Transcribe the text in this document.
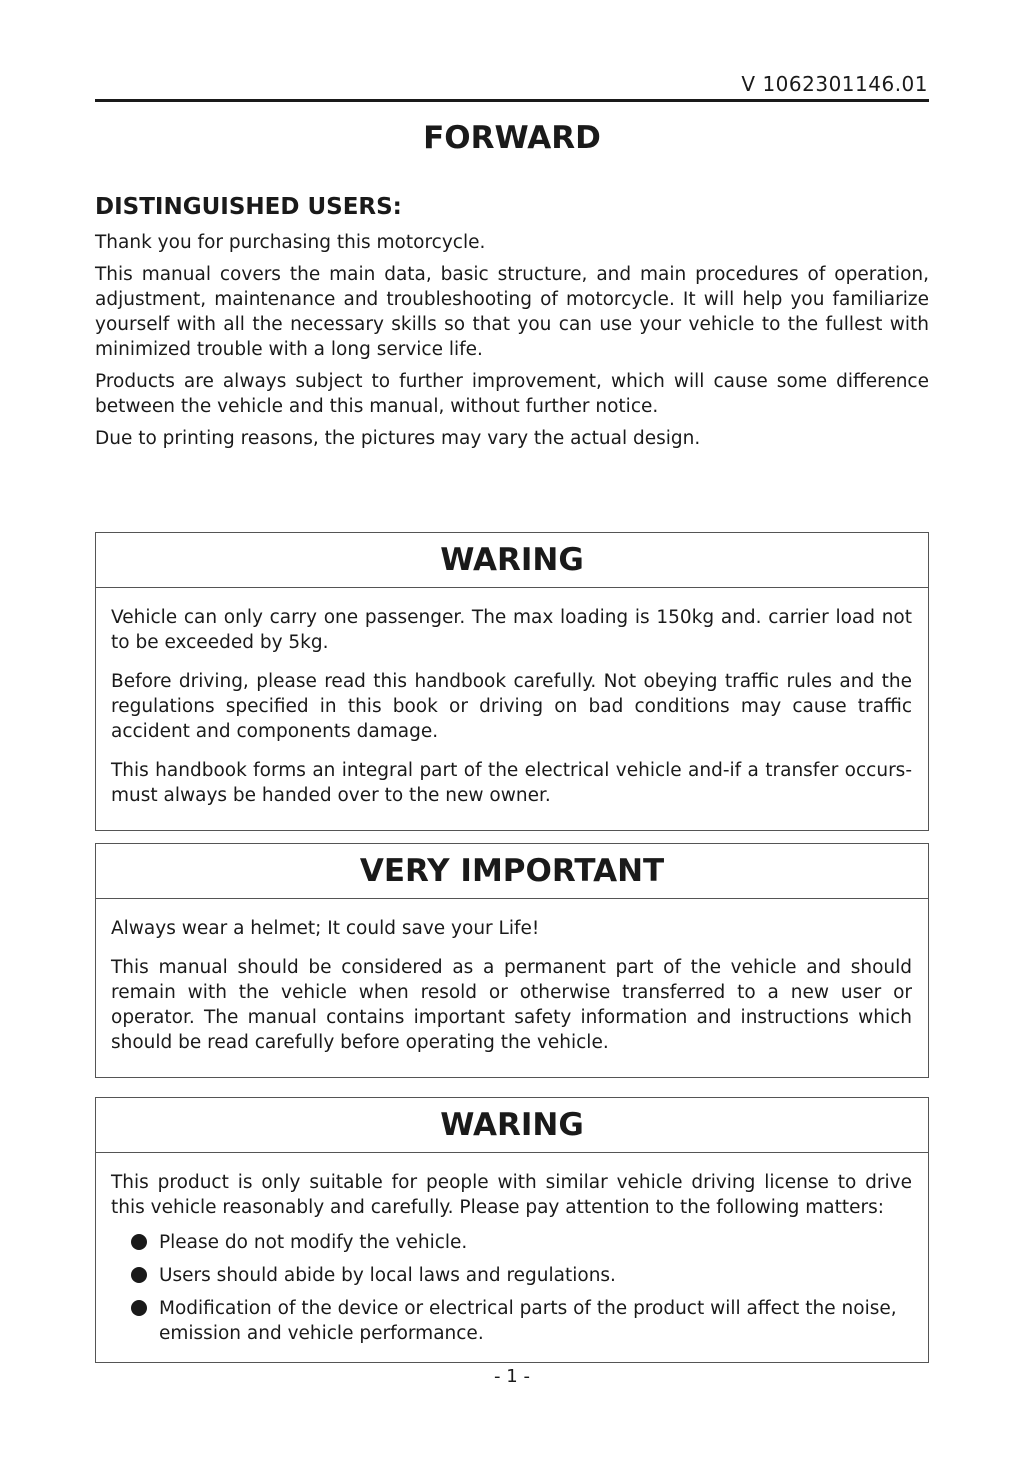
V 1062301146.01
FORWARD
DISTINGUISHED USERS:

Thank you for purchasing this motorcycle.

This manual covers the main data, basic structure, and main procedures of operation, adjustment, maintenance and troubleshooting of motorcycle. It will help you familiarize yourself with all the necessary skills so that you can use your vehicle to the fullest with minimized trouble with a long service life.

Products are always subject to further improvement, which will cause some difference between the vehicle and this manual, without further notice.

Due to printing reasons, the pictures may vary the actual design.

WARING

Vehicle can only carry one passenger. The max loading is 150kg and. carrier load not to be exceeded by 5kg.

Before driving, please read this handbook carefully. Not obeying traffic rules and the regulations specified in this book or driving on bad conditions may cause traffic accident and components damage.

This handbook forms an integral part of the electrical vehicle and-if a transfer occurs-must always be handed over to the new owner.

VERY IMPORTANT

Always wear a helmet; It could save your Life!

This manual should be considered as a permanent part of the vehicle and should remain with the vehicle when resold or otherwise transferred to a new user or operator. The manual contains important safety information and instructions which should be read carefully before operating the vehicle.

WARING

This product is only suitable for people with similar vehicle driving license to drive this vehicle reasonably and carefully. Please pay attention to the following matters:

Please do not modify the vehicle.
Users should abide by local laws and regulations.
Modification of the device or electrical parts of the product will affect the noise, emission and vehicle performance.
- 1 -
